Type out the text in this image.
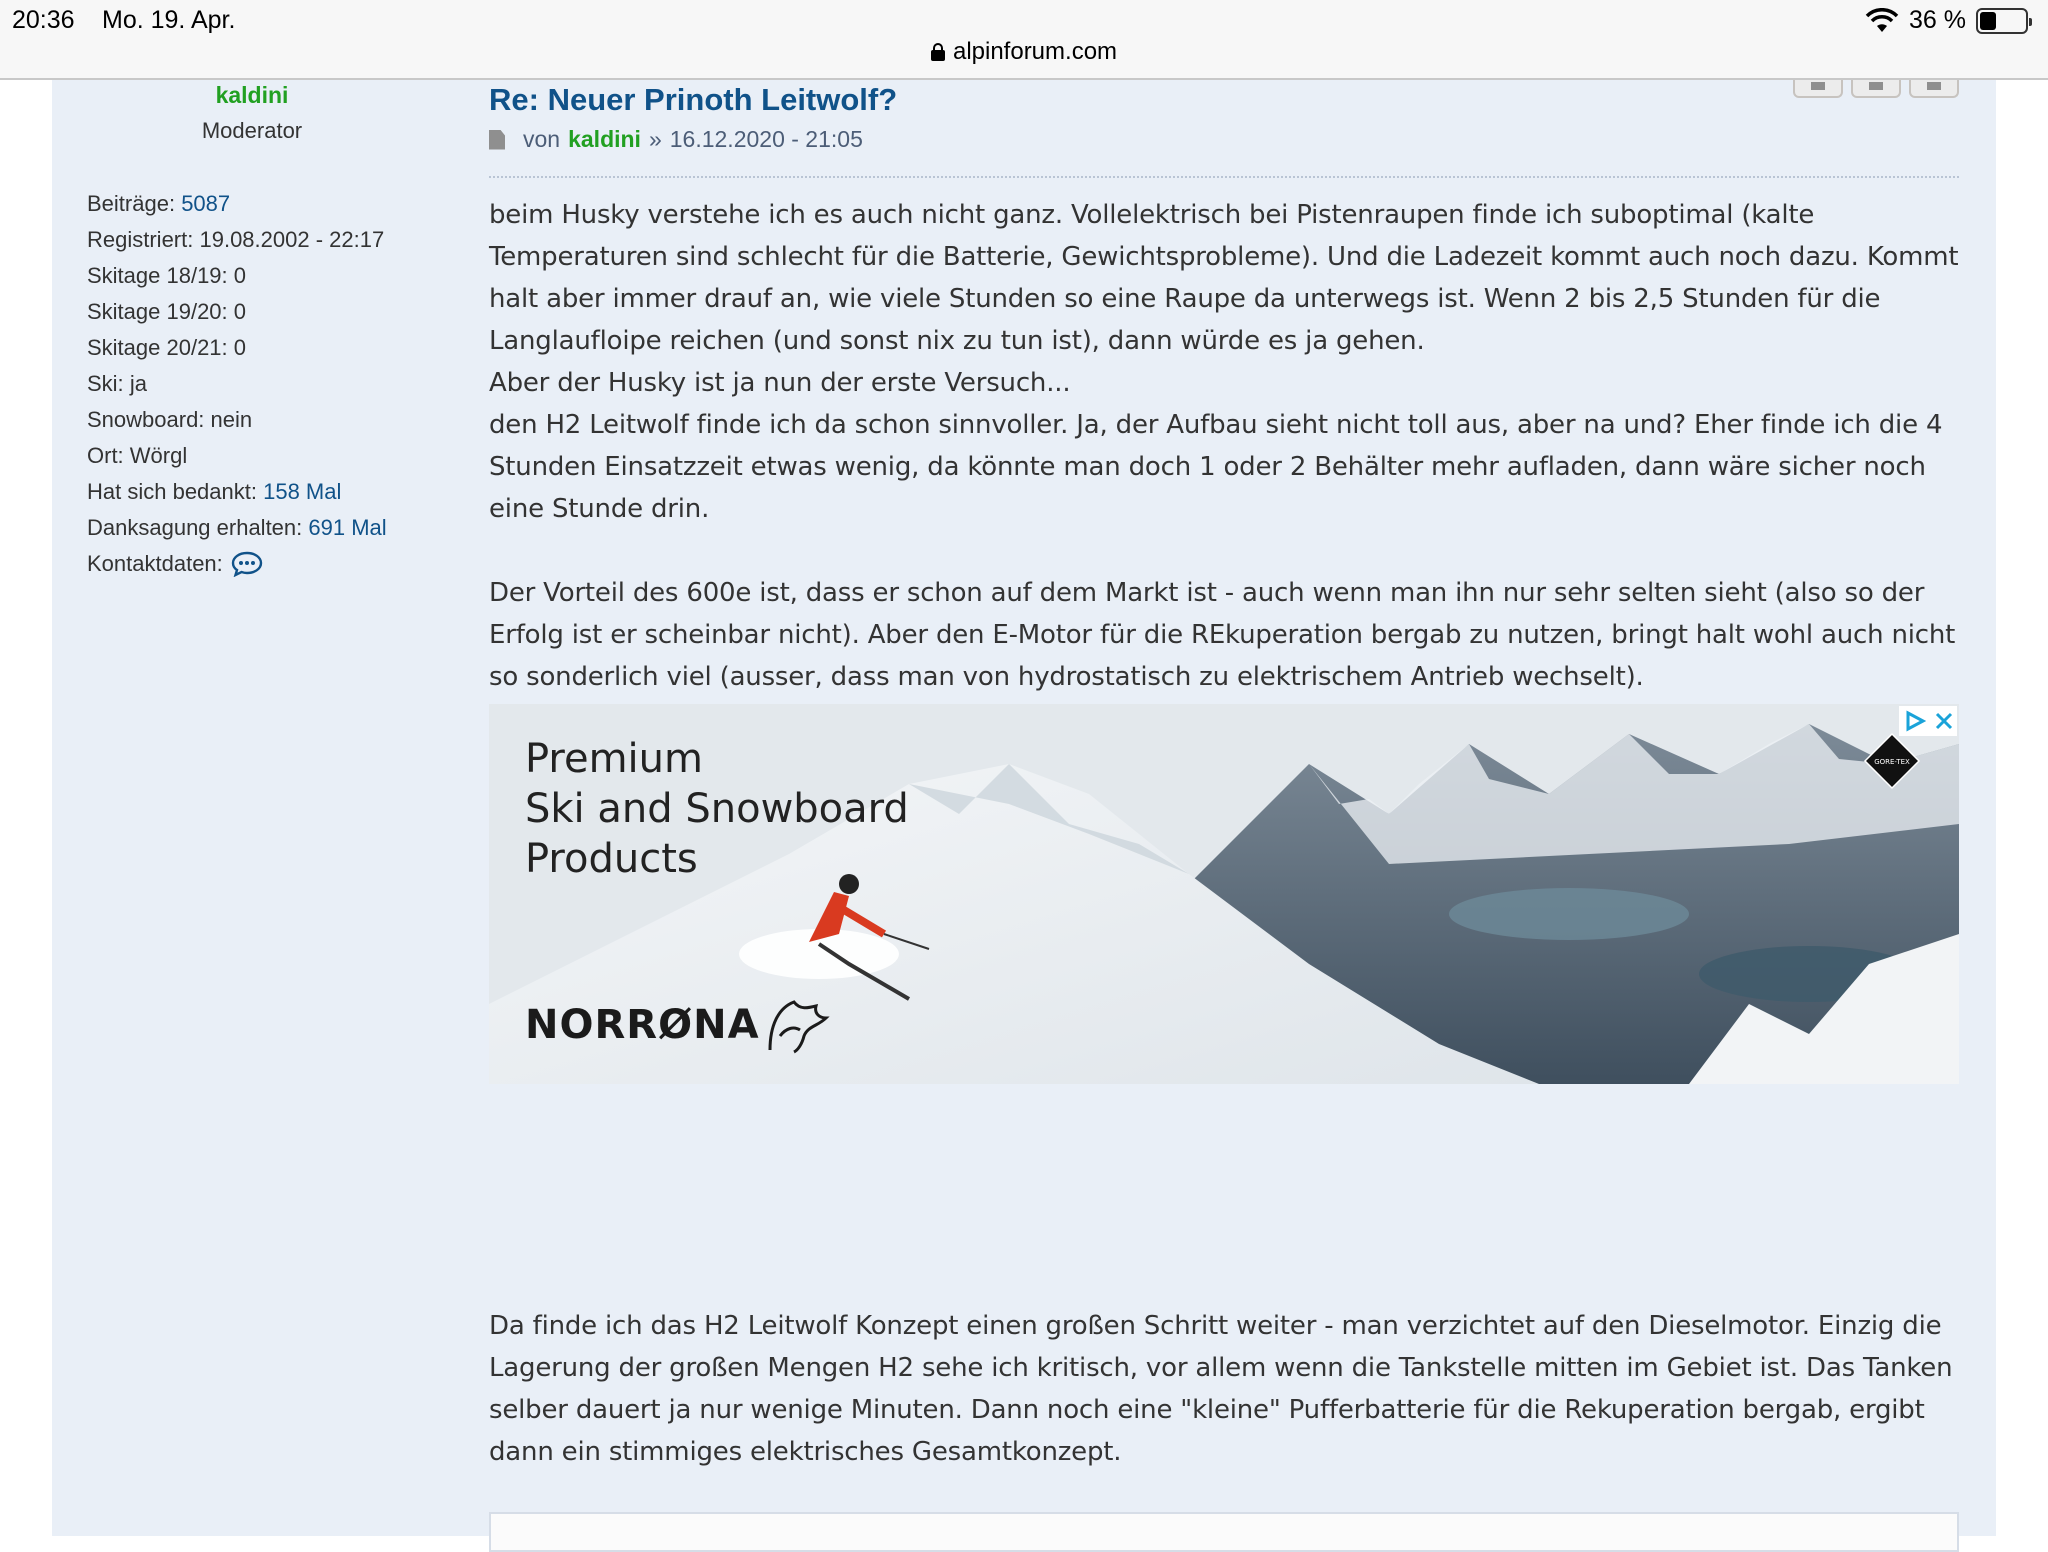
20:36 Mo. 19. Apr.	36 %
alpinforum.com
kaldini
Moderator
Beiträge: 5087
Registriert: 19.08.2002 - 22:17
Skitage 18/19: 0
Skitage 19/20: 0
Skitage 20/21: 0
Ski: ja
Snowboard: nein
Ort: Wörgl
Hat sich bedankt: 158 Mal
Danksagung erhalten: 691 Mal
Kontaktdaten:
Re: Neuer Prinoth Leitwolf?
von kaldini » 16.12.2020 - 21:05

beim Husky verstehe ich es auch nicht ganz. Vollelektrisch bei Pistenraupen finde ich suboptimal (kalte Temperaturen sind schlecht für die Batterie, Gewichtsprobleme). Und die Ladezeit kommt auch noch dazu. Kommt halt aber immer drauf an, wie viele Stunden so eine Raupe da unterwegs ist. Wenn 2 bis 2,5 Stunden für die Langlaufloipe reichen (und sonst nix zu tun ist), dann würde es ja gehen.

Aber der Husky ist ja nun der erste Versuch...

den H2 Leitwolf finde ich da schon sinnvoller. Ja, der Aufbau sieht nicht toll aus, aber na und? Eher finde ich die 4 Stunden Einsatzzeit etwas wenig, da könnte man doch 1 oder 2 Behälter mehr aufladen, dann wäre sicher noch eine Stunde drin.

Der Vorteil des 600e ist, dass er schon auf dem Markt ist - auch wenn man ihn nur sehr selten sieht (also so der Erfolg ist er scheinbar nicht). Aber den E-Motor für die REkuperation bergab zu nutzen, bringt halt wohl auch nicht so sonderlich viel (ausser, dass man von hydrostatisch zu elektrischem Antrieb wechselt).

Premium
Ski and Snowboard
Products
NORRØNA
GORE-TEX

Da finde ich das H2 Leitwolf Konzept einen großen Schritt weiter - man verzichtet auf den Dieselmotor. Einzig die Lagerung der großen Mengen H2 sehe ich kritisch, vor allem wenn die Tankstelle mitten im Gebiet ist. Das Tanken selber dauert ja nur wenige Minuten. Dann noch eine "kleine" Pufferbatterie für die Rekuperation bergab, ergibt dann ein stimmiges elektrisches Gesamtkonzept.
